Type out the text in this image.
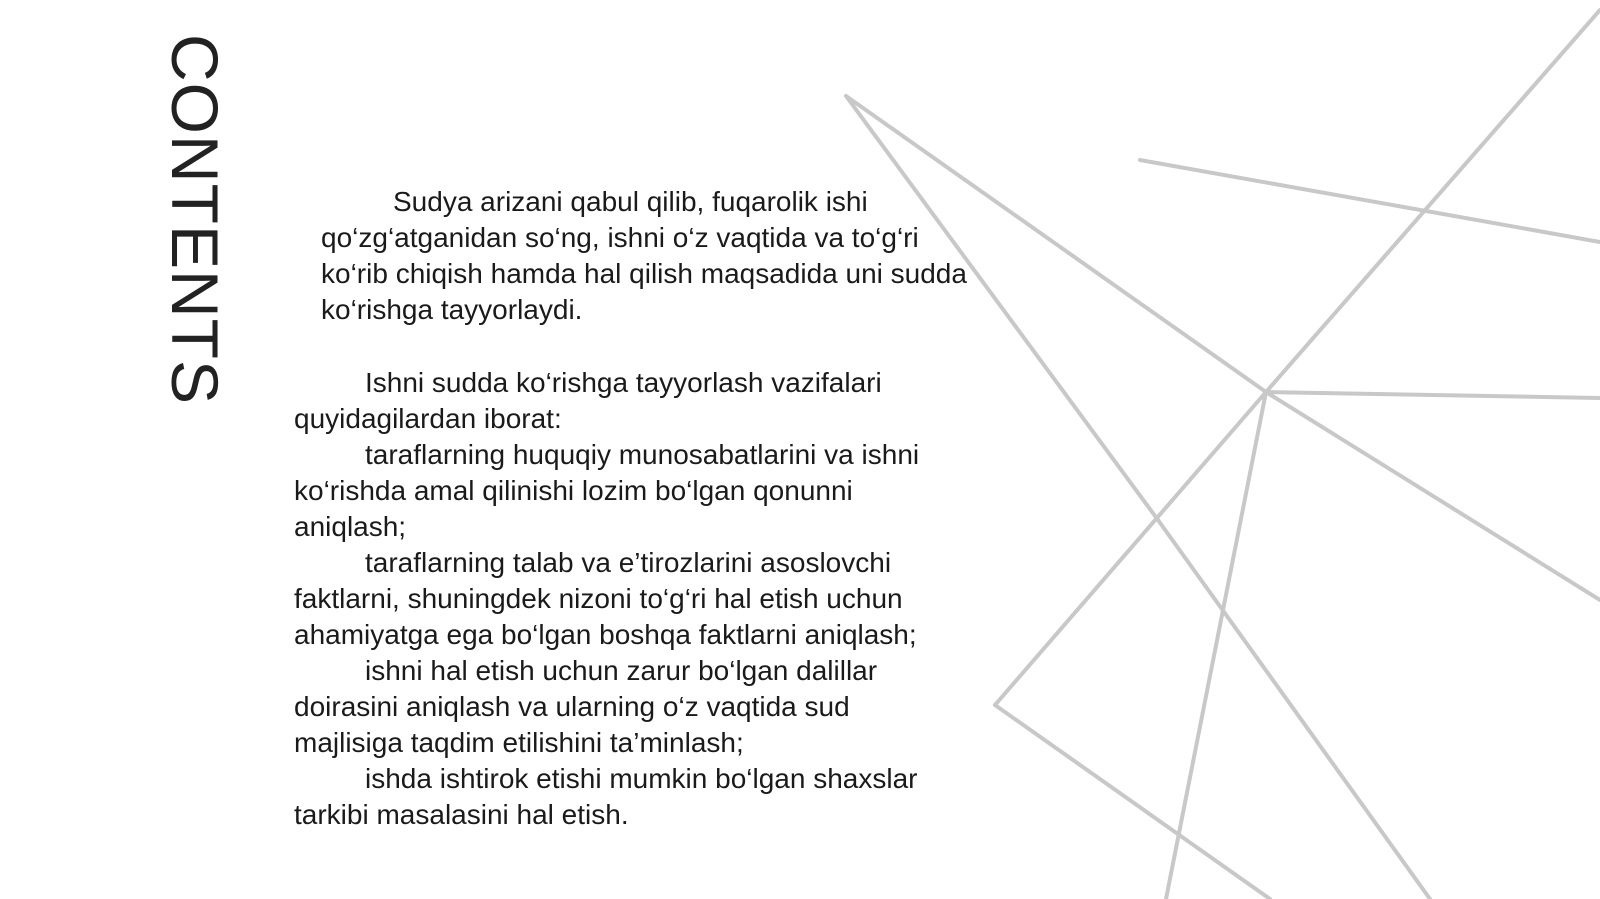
CONTENTS	Sudya arizani qabul qilib, fuqarolik ishi qo‘zg‘atganidan so‘ng, ishni o‘z vaqtida va to‘g‘ri ko‘rib chiqish hamda hal qilish maqsadida uni sudda ko‘rishga tayyorlaydi.

Ishni sudda ko‘rishga tayyorlash vazifalari quyidagilardan iborat:

taraflarning huquqiy munosabatlarini va ishni ko‘rishda amal qilinishi lozim bo‘lgan qonunni aniqlash;

taraflarning talab va e’tirozlarini asoslovchi faktlarni, shuningdek nizoni to‘g‘ri hal etish uchun ahamiyatga ega bo‘lgan boshqa faktlarni aniqlash;

ishni hal etish uchun zarur bo‘lgan dalillar doirasini aniqlash va ularning o‘z vaqtida sud majlisiga taqdim etilishini ta’minlash;

ishda ishtirok etishi mumkin bo‘lgan shaxslar tarkibi masalasini hal etish.
